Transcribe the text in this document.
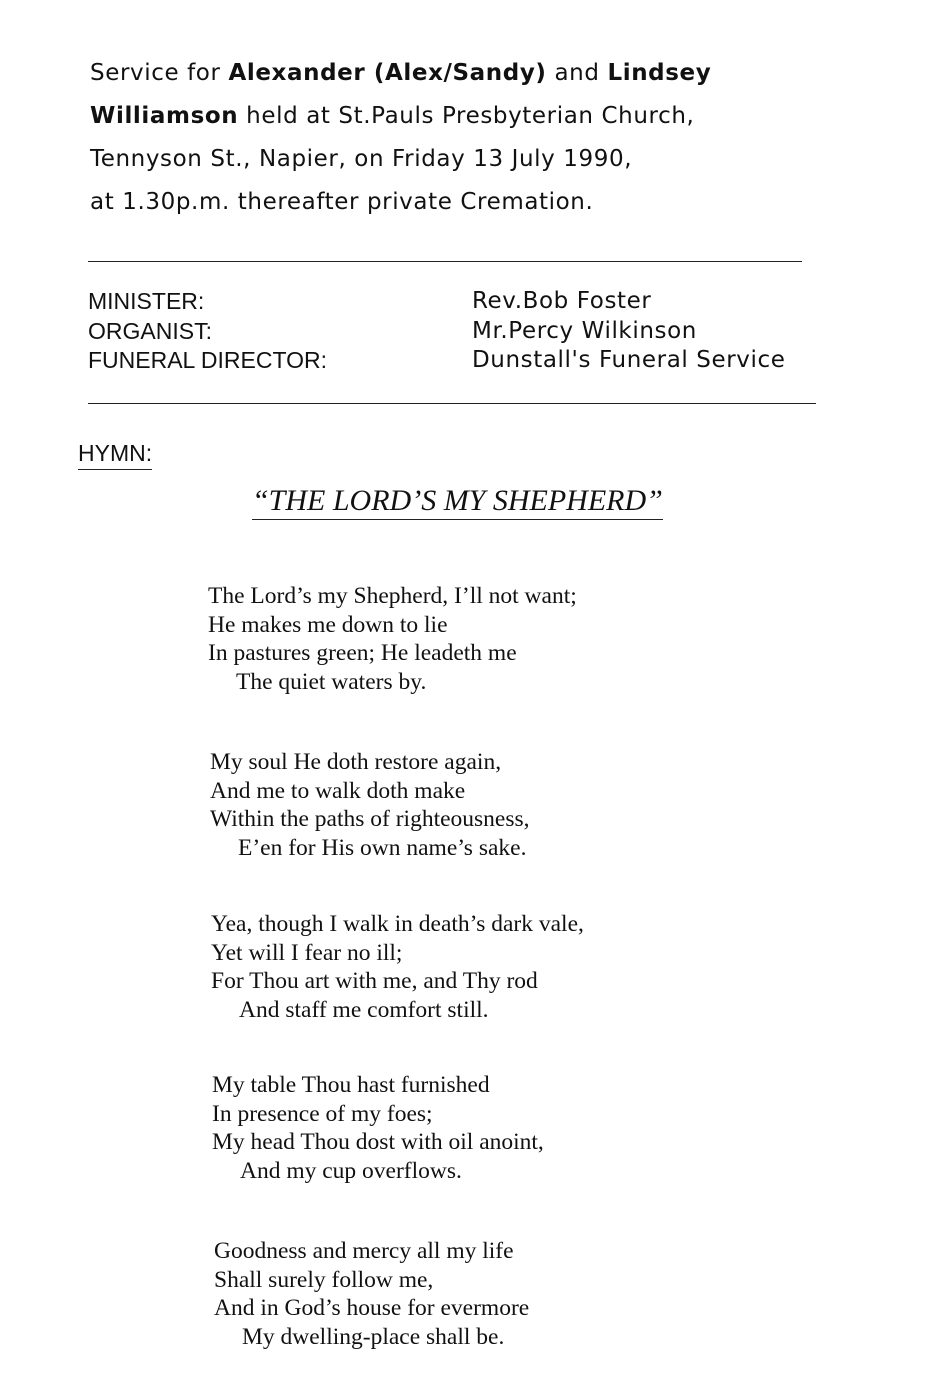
Service for Alexander (Alex/Sandy) and Lindsey
Williamson held at St.Pauls Presbyterian Church,
Tennyson St., Napier, on Friday 13 July 1990,
at 1.30p.m. thereafter private Cremation.
MINISTER:	Rev.Bob Foster
ORGANIST:	Mr.Percy Wilkinson
FUNERAL DIRECTOR:	Dunstall's Funeral Service
HYMN:
“THE LORD’S MY SHEPHERD”
The Lord’s my Shepherd, I’ll not want;
He makes me down to lie
In pastures green; He leadeth me
The quiet waters by.
My soul He doth restore again,
And me to walk doth make
Within the paths of righteousness,
E’en for His own name’s sake.
Yea, though I walk in death’s dark vale,
Yet will I fear no ill;
For Thou art with me, and Thy rod
And staff me comfort still.
My table Thou hast furnished
In presence of my foes;
My head Thou dost with oil anoint,
And my cup overflows.
Goodness and mercy all my life
Shall surely follow me,
And in God’s house for evermore
My dwelling-place shall be.
